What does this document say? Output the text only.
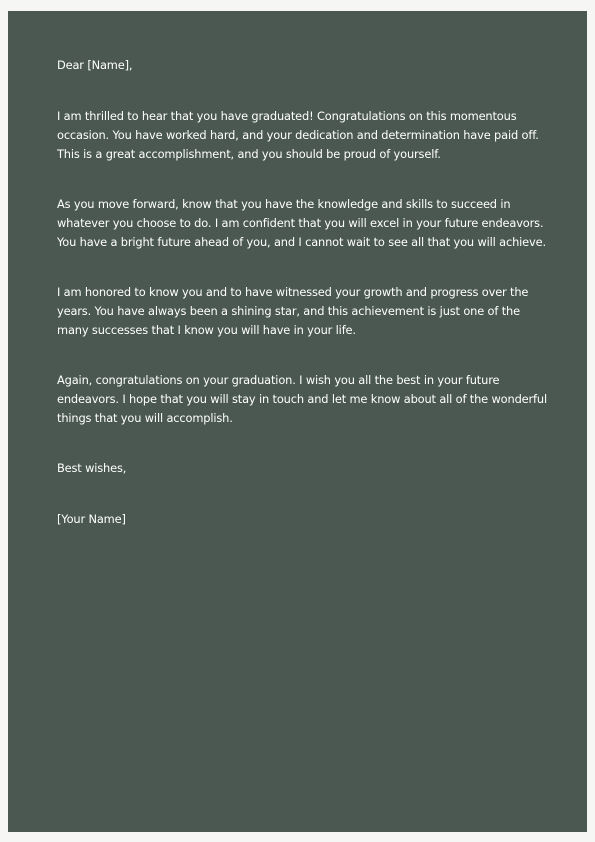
Dear [Name],

I am thrilled to hear that you have graduated! Congratulations on this momentous occasion. You have worked hard, and your dedication and determination have paid off. This is a great accomplishment, and you should be proud of yourself.

As you move forward, know that you have the knowledge and skills to succeed in whatever you choose to do. I am confident that you will excel in your future endeavors. You have a bright future ahead of you, and I cannot wait to see all that you will achieve.

I am honored to know you and to have witnessed your growth and progress over the years. You have always been a shining star, and this achievement is just one of the many successes that I know you will have in your life.

Again, congratulations on your graduation. I wish you all the best in your future endeavors. I hope that you will stay in touch and let me know about all of the wonderful things that you will accomplish.

Best wishes,

[Your Name]
